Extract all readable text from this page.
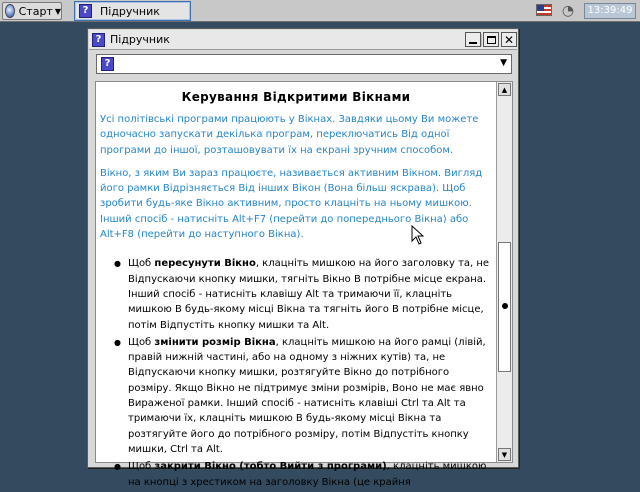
Старт ▼	?	Підручник	◔	13:39:49
? Підручник	✕
?	▼
Керування Відкритими Вікнами

Усі політівські програми працюють у Вікнах. Завдяки цьому Ви можете одночасно запускати декілька програм, переключатись Від одної програми до іншої, розташовувати їх на екрані зручним способом.

Вікно, з яким Ви зараз працюєте, називається активним Вікном. Вигляд його рамки Відрізняється Від інших Вікон (Вона більш яскрава). Щоб зробити будь-яке Вікно активним, просто клацніть на ньому мишкою. Інший спосіб - натисніть Alt+F7 (перейти до попереднього Вікна) або Alt+F8 (перейти до наступного Вікна).

● Щоб пересунути Вікно, клацніть мишкою на його заголовку та, не Відпускаючи кнопку мишки, тягніть Вікно В потрібне місце екрана. Інший спосіб - натисніть клавішу Alt та тримаючи її, клацніть мишкою В будь-якому місці Вікна та тягніть його В потрібне місце, потім Відпустіть кнопку мишки та Alt.
● Щоб змінити розмір Вікна, клацніть мишкою на його рамці (лівій, правій нижній частині, або на одному з ніжних кутів) та, не Відпускаючи кнопку мишки, розтягуйте Вікно до потрібного розміру. Якщо Вікно не підтримує зміни розмірів, Воно не має явно Вираженої рамки. Інший спосіб - натисніть клавіші Ctrl та Alt та тримаючи їх, клацніть мишкою В будь-якому місці Вікна та розтягуйте його до потрібного розміру, потім Відпустіть кнопку мишки, Ctrl та Alt.
● Щоб закрити Вікно (тобто Вийти з програми), клацніть мишкою на кнопці з хрестиком на заголовку Вікна (це крайня
▲
▼
